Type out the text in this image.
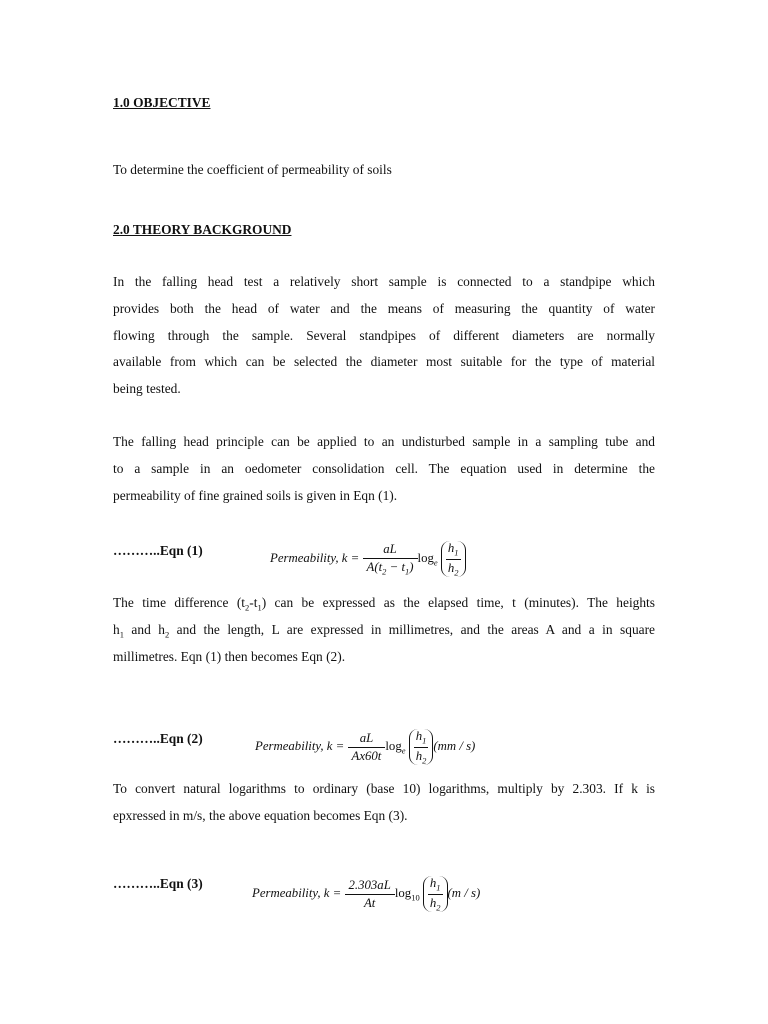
1.0 OBJECTIVE
To determine the coefficient of permeability of soils
2.0 THEORY BACKGROUND
In the falling head test a relatively short sample is connected to a standpipe which
provides both the head of water and the means of measuring the quantity of water
flowing through the sample. Several standpipes of different diameters are normally
available from which can be selected the diameter most suitable for the type of material
being tested.
The falling head principle can be applied to an undisturbed sample in a sampling tube and
to a sample in an oedometer consolidation cell. The equation used in determine the
permeability of fine grained soils is given in Eqn (1).
………..Eqn (1)	Permeability, $k = \frac{aL}{A(t_2 - t_1)} \log_e \frac{h_1}{h_2}$
The time difference $(t_2-t_1)$ can be expressed as the elapsed time, t (minutes). The heights
$h_1$ and $h_2$ and the length, L are expressed in millimetres, and the areas A and a in square
millimetres. Eqn (1) then becomes Eqn (2).
………..Eqn (2)	Permeability, $k = \frac{aL}{Ax60t} \log_e \frac{h_1}{h_2} (mm / s)$
To convert natural logarithms to ordinary (base 10) logarithms, multiply by 2.303. If k is
epxressed in m/s, the above equation becomes Eqn (3).
………..Eqn (3)
Permeability, $k = \frac{2.303aL}{At} \log_{10} \frac{h_1}{h_2} (m / s)$
